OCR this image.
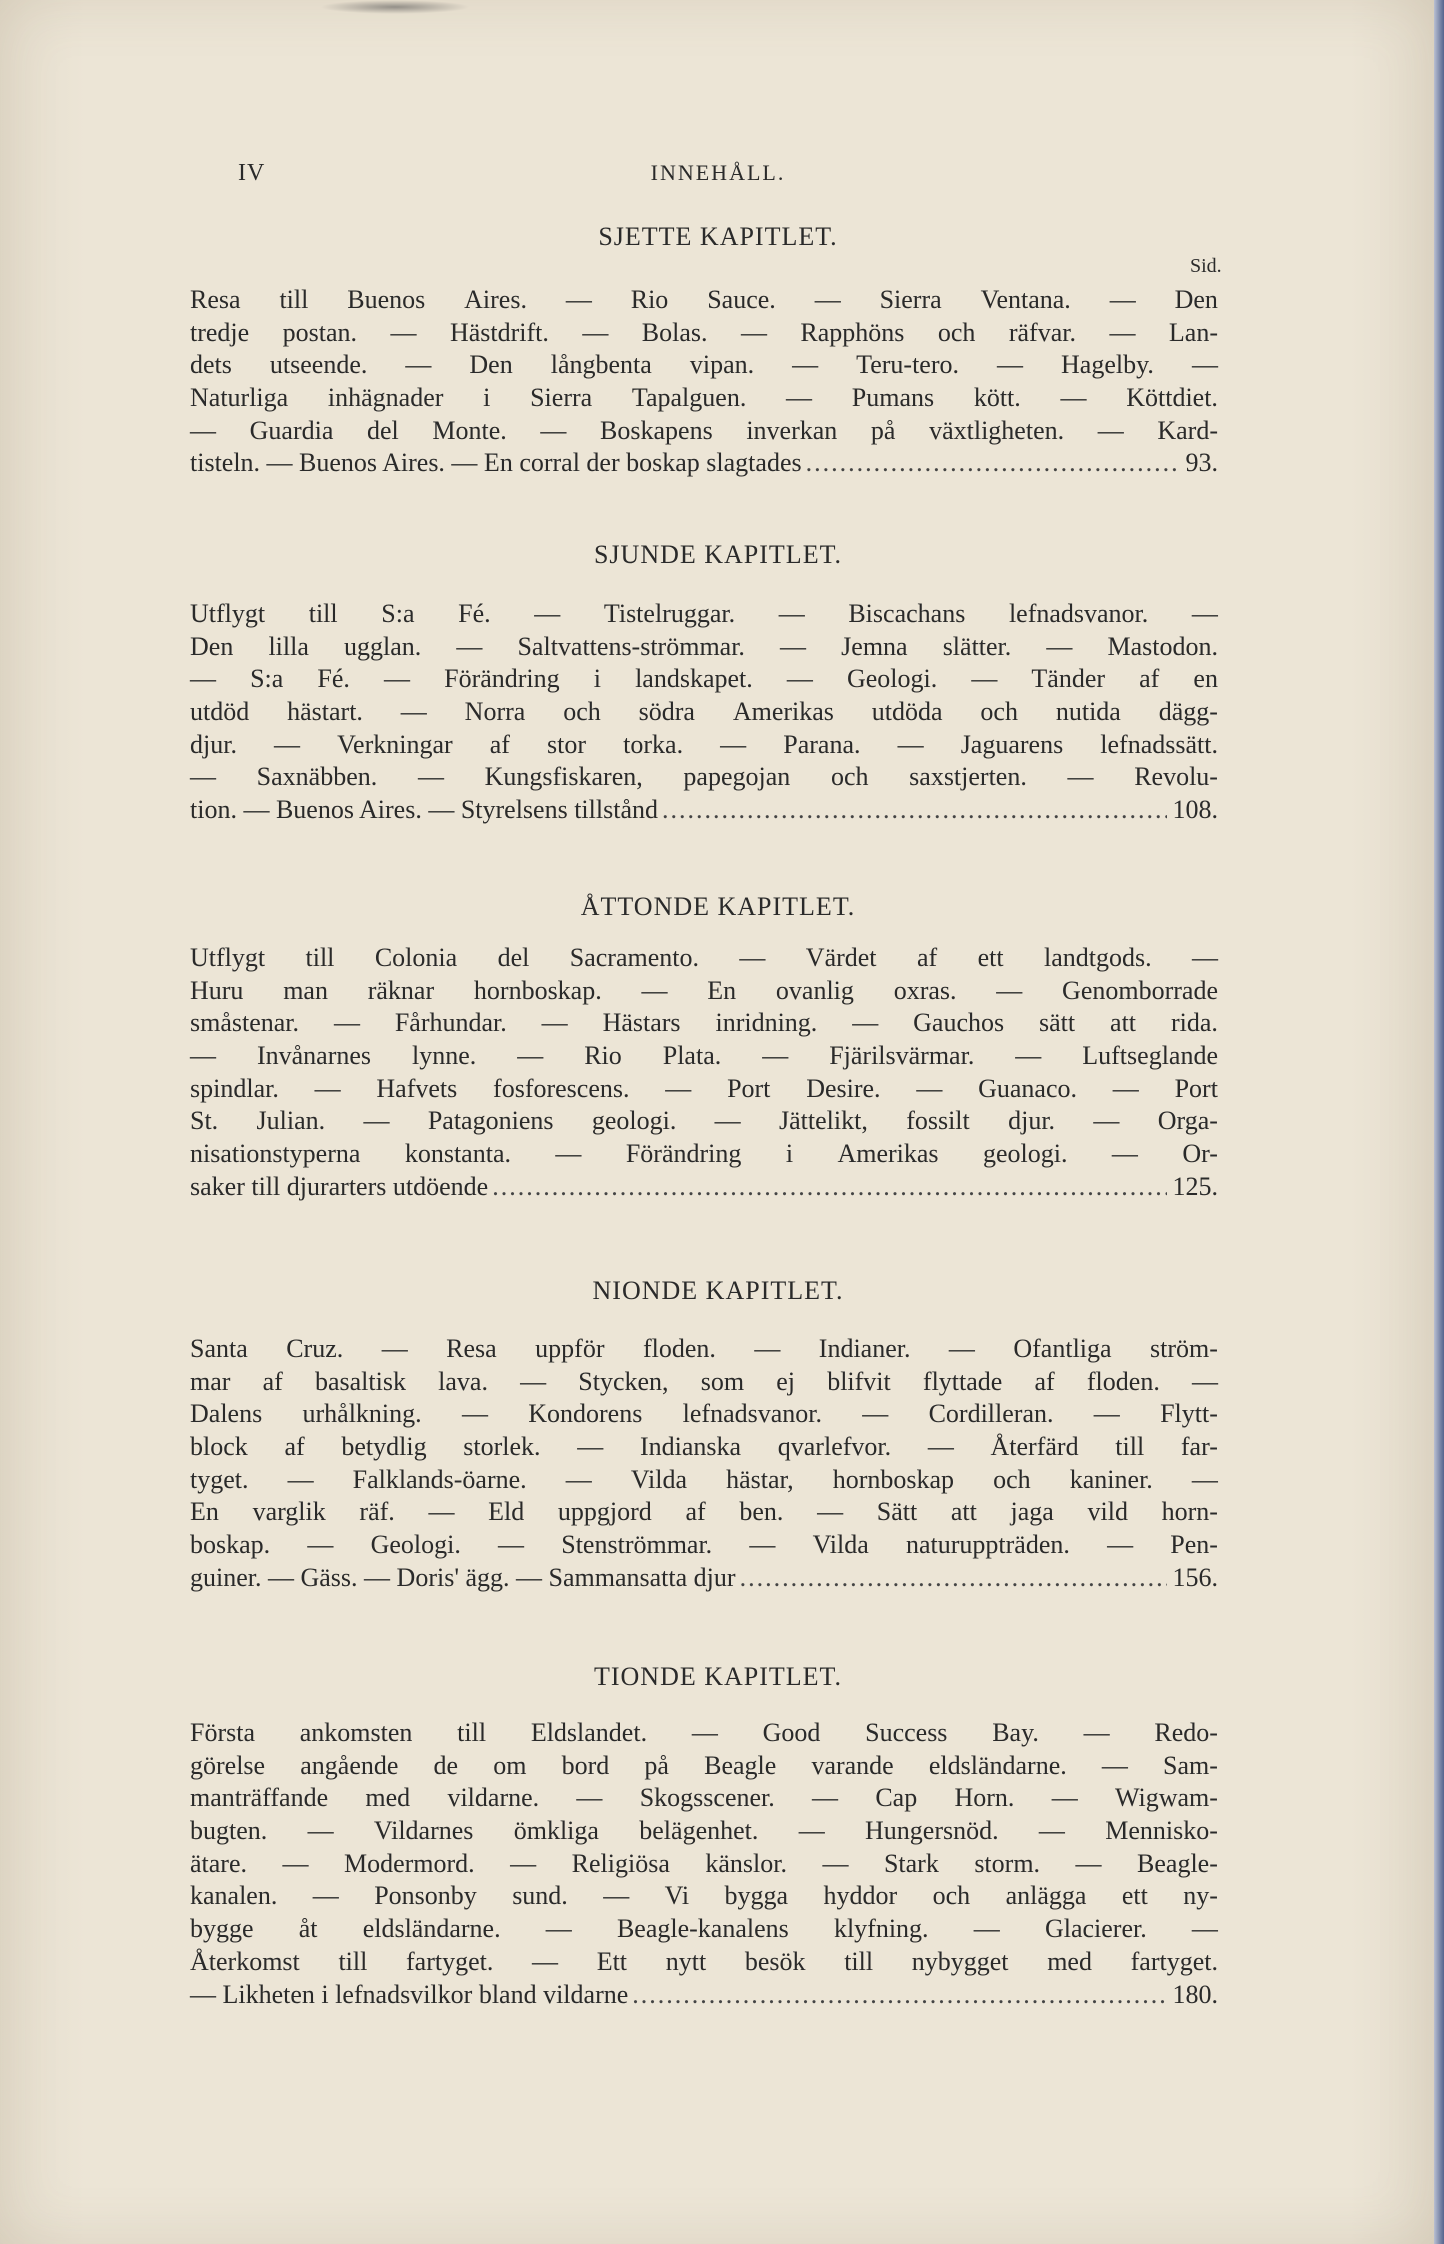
IV	INNEHÅLL.
Sid.
SJETTE KAPITLET.
Resa till Buenos Aires. — Rio Sauce. — Sierra Ventana. — Den
tredje postan. — Hästdrift. — Bolas. — Rapphöns och räfvar. — Lan-
dets utseende. — Den långbenta vipan. — Teru-tero. — Hagelby. —
Naturliga inhägnader i Sierra Tapalguen. — Pumans kött. — Köttdiet.
— Guardia del Monte. — Boskapens inverkan på växtligheten. — Kard-
tisteln. — Buenos Aires. — En corral der boskap slagtades .....	93.
SJUNDE KAPITLET.
Utflygt till S:a Fé. — Tistelruggar. — Biscachans lefnadsvanor. —
Den lilla ugglan. — Saltvattens-strömmar. — Jemna slätter. — Mastodon.
— S:a Fé. — Förändring i landskapet. — Geologi. — Tänder af en
utdöd hästart. — Norra och södra Amerikas utdöda och nutida dägg-
djur. — Verkningar af stor torka. — Parana. — Jaguarens lefnadssätt.
— Saxnäbben. — Kungsfiskaren, papegojan och saxstjerten. — Revolu-
tion. — Buenos Aires. — Styrelsens tillstånd .....	108.
ÅTTONDE KAPITLET.
Utflygt till Colonia del Sacramento. — Värdet af ett landtgods. —
Huru man räknar hornboskap. — En ovanlig oxras. — Genomborrade
småstenar. — Fårhundar. — Hästars inridning. — Gauchos sätt att rida.
— Invånarnes lynne. — Rio Plata. — Fjärilsvärmar. — Luftseglande
spindlar. — Hafvets fosforescens. — Port Desire. — Guanaco. — Port
St. Julian. — Patagoniens geologi. — Jättelikt, fossilt djur. — Orga-
nisationstyperna konstanta. — Förändring i Amerikas geologi. — Or-
saker till djurarters utdöende .....	125.
NIONDE KAPITLET.
Santa Cruz. — Resa uppför floden. — Indianer. — Ofantliga ström-
mar af basaltisk lava. — Stycken, som ej blifvit flyttade af floden. —
Dalens urhålkning. — Kondorens lefnadsvanor. — Cordilleran. — Flytt-
block af betydlig storlek. — Indianska qvarlefvor. — Återfärd till far-
tyget. — Falklands-öarne. — Vilda hästar, hornboskap och kaniner. —
En varglik räf. — Eld uppgjord af ben. — Sätt att jaga vild horn-
boskap. — Geologi. — Stenströmmar. — Vilda naturuppträden. — Pen-
guiner. — Gäss. — Doris' ägg. — Sammansatta djur .....	156.
TIONDE KAPITLET.
Första ankomsten till Eldslandet. — Good Success Bay. — Redo-
görelse angående de om bord på Beagle varande eldsländarne. — Sam-
manträffande med vildarne. — Skogsscener. — Cap Horn. — Wigwam-
bugten. — Vildarnes ömkliga belägenhet. — Hungersnöd. — Mennisko-
ätare. — Modermord. — Religiösa känslor. — Stark storm. — Beagle-
kanalen. — Ponsonby sund. — Vi bygga hyddor och anlägga ett ny-
bygge åt eldsländarne. — Beagle-kanalens klyfning. — Glacierer. —
Återkomst till fartyget. — Ett nytt besök till nybygget med fartyget.
— Likheten i lefnadsvilkor bland vildarne .....	180.
